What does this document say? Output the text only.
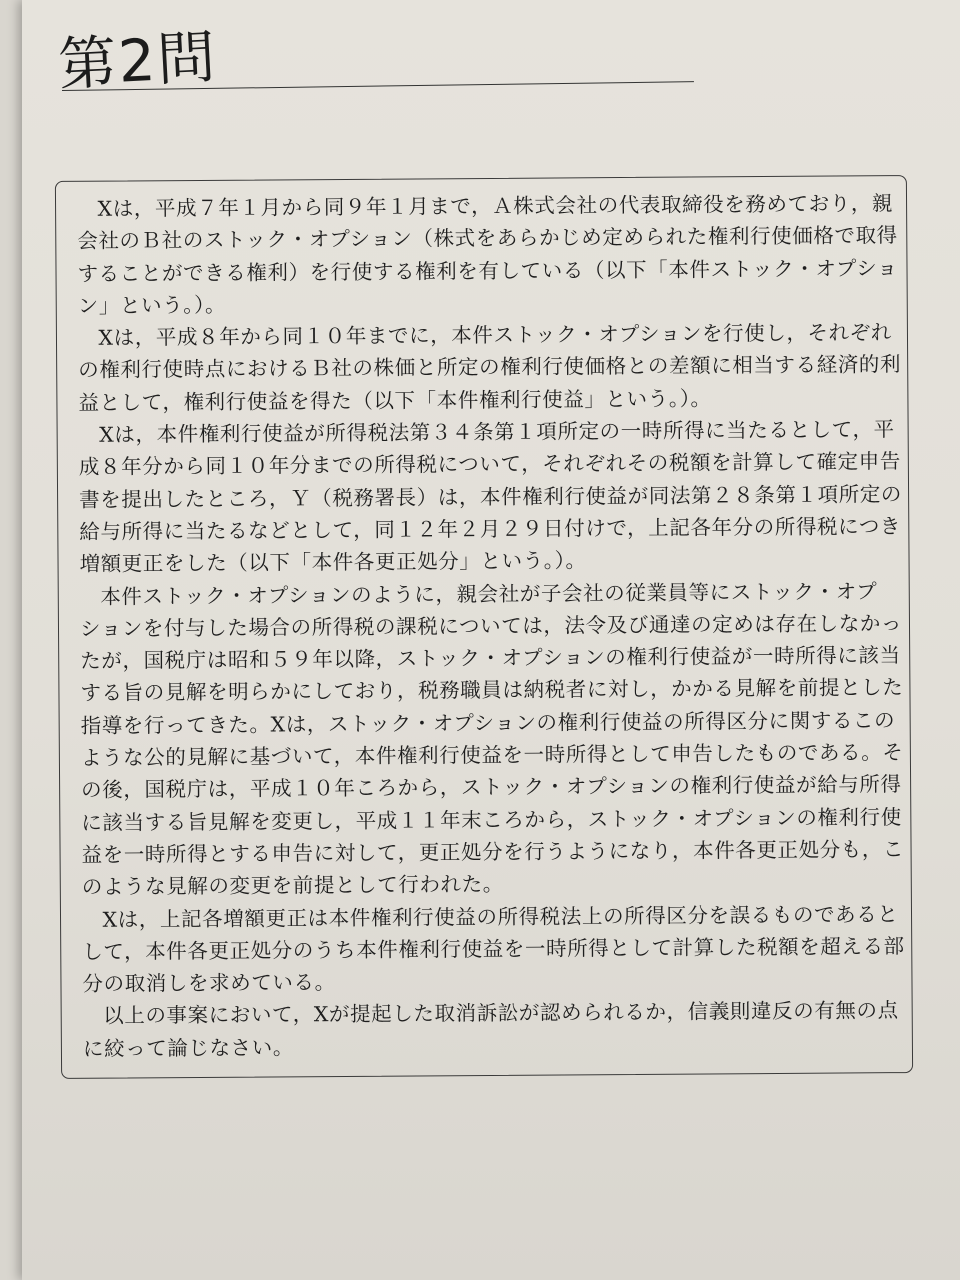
第2問

Xは，平成７年１月から同９年１月まで，Ａ株式会社の代表取締役を務めており，親
会社のＢ社のストック・オプション（株式をあらかじめ定められた権利行使価格で取得
することができる権利）を行使する権利を有している（以下「本件ストック・オプショ
ン」という。）。

Xは，平成８年から同１０年までに，本件ストック・オプションを行使し，それぞれ
の権利行使時点におけるＢ社の株価と所定の権利行使価格との差額に相当する経済的利
益として，権利行使益を得た（以下「本件権利行使益」という。）。

Xは，本件権利行使益が所得税法第３４条第１項所定の一時所得に当たるとして，平
成８年分から同１０年分までの所得税について，それぞれその税額を計算して確定申告
書を提出したところ，Ｙ（税務署長）は，本件権利行使益が同法第２８条第１項所定の
給与所得に当たるなどとして，同１２年２月２９日付けで，上記各年分の所得税につき
増額更正をした（以下「本件各更正処分」という。）。

本件ストック・オプションのように，親会社が子会社の従業員等にストック・オプ
ションを付与した場合の所得税の課税については，法令及び通達の定めは存在しなかっ
たが，国税庁は昭和５９年以降，ストック・オプションの権利行使益が一時所得に該当
する旨の見解を明らかにしており，税務職員は納税者に対し，かかる見解を前提とした
指導を行ってきた。Xは，ストック・オプションの権利行使益の所得区分に関するこの
ような公的見解に基づいて，本件権利行使益を一時所得として申告したものである。そ
の後，国税庁は，平成１０年ころから，ストック・オプションの権利行使益が給与所得
に該当する旨見解を変更し，平成１１年末ころから，ストック・オプションの権利行使
益を一時所得とする申告に対して，更正処分を行うようになり，本件各更正処分も，こ
のような見解の変更を前提として行われた。

Xは，上記各増額更正は本件権利行使益の所得税法上の所得区分を誤るものであると
して，本件各更正処分のうち本件権利行使益を一時所得として計算した税額を超える部
分の取消しを求めている。

以上の事案において，Xが提起した取消訴訟が認められるか，信義則違反の有無の点
に絞って論じなさい。
